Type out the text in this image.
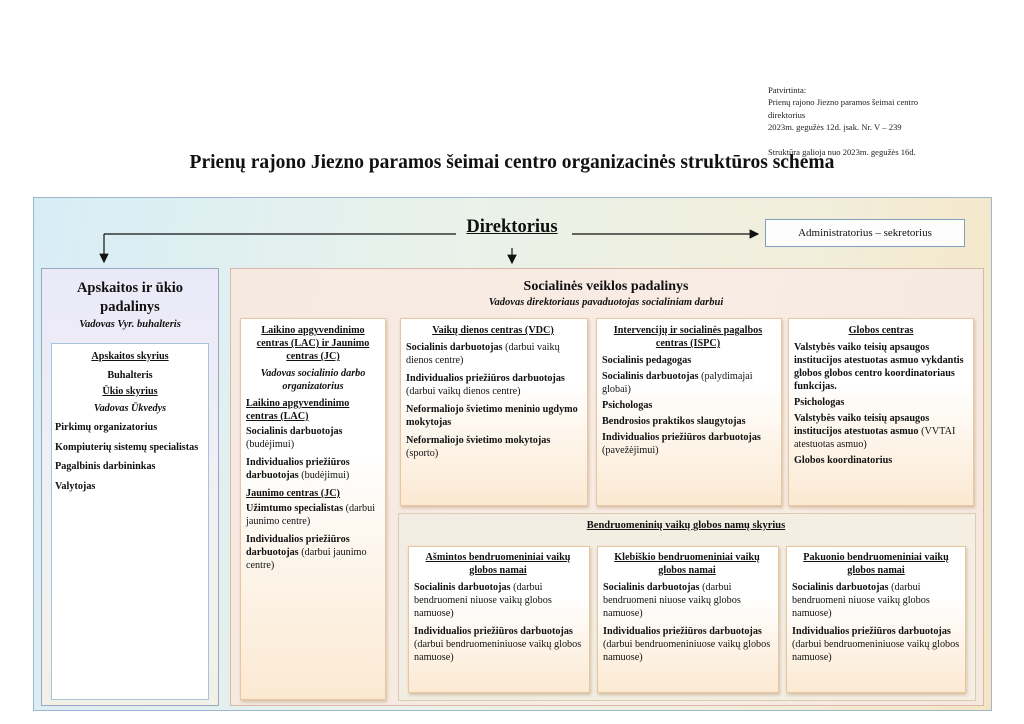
Patvirtinta:
Prienų rajono Jiezno paramos šeimai centro
direktorius
2023m. gegužės 12d. įsak. Nr. V – 239
Struktūra galioja nuo 2023m. gegužės 16d.
Prienų rajono Jiezno paramos šeimai centro organizacinės struktūros schema
Direktorius	Administratorius – sekretorius
Apskaitos ir ūkio
padalinys
Vadovas Vyr. buhalteris
Apskaitos skyrius
Buhalteris
Ūkio skyrius
Vadovas Ūkvedys
Pirkimų organizatorius
Kompiuterių sistemų specialistas
Pagalbinis darbininkas
Valytojas
Socialinės veiklos padalinys
Vadovas direktoriaus pavaduotojas socialiniam darbui
Laikino apgyvendinimo centras (LAC) ir Jaunimo centras (JC)
Vadovas socialinio darbo organizatorius
Laikino apgyvendinimo centras (LAC)
Socialinis darbuotojas (budėjimui)
Individualios priežiūros darbuotojas (budėjimui)
Jaunimo centras (JC)
Užimtumo specialistas (darbui jaunimo centre)
Individualios priežiūros darbuotojas (darbui jaunimo centre)
Vaikų dienos centras (VDC)
Socialinis darbuotojas (darbui vaikų dienos centre)
Individualios priežiūros darbuotojas (darbui vaikų dienos centre)
Neformaliojo švietimo meninio ugdymo mokytojas
Neformaliojo švietimo mokytojas (sporto)
Intervencijų ir socialinės pagalbos centras (ISPC)
Socialinis pedagogas
Socialinis darbuotojas (palydimajai globai)
Psichologas
Bendrosios praktikos slaugytojas
Individualios priežiūros darbuotojas (pavežėjimui)
Globos centras
Valstybės vaiko teisių apsaugos institucijos atestuotas asmuo vykdantis globos globos centro koordinatoriaus funkcijas.
Psichologas
Valstybės vaiko teisių apsaugos institucijos atestuotas asmuo (VVTAI atestuotas asmuo)
Globos koordinatorius
Bendruomeninių vaikų globos namų skyrius
Ašmintos bendruomeniniai vaikų globos namai
Socialinis darbuotojas (darbui bendruomeni niuose vaikų globos namuose)
Individualios priežiūros darbuotojas (darbui bendruomeniniuose vaikų globos namuose)
Klebiškio bendruomeniniai vaikų globos namai
Socialinis darbuotojas (darbui bendruomeni niuose vaikų globos namuose)
Individualios priežiūros darbuotojas (darbui bendruomeniniuose vaikų globos namuose)
Pakuonio bendruomeniniai vaikų globos namai
Socialinis darbuotojas (darbui bendruomeni niuose vaikų globos namuose)
Individualios priežiūros darbuotojas (darbui bendruomeniniuose vaikų globos namuose)
